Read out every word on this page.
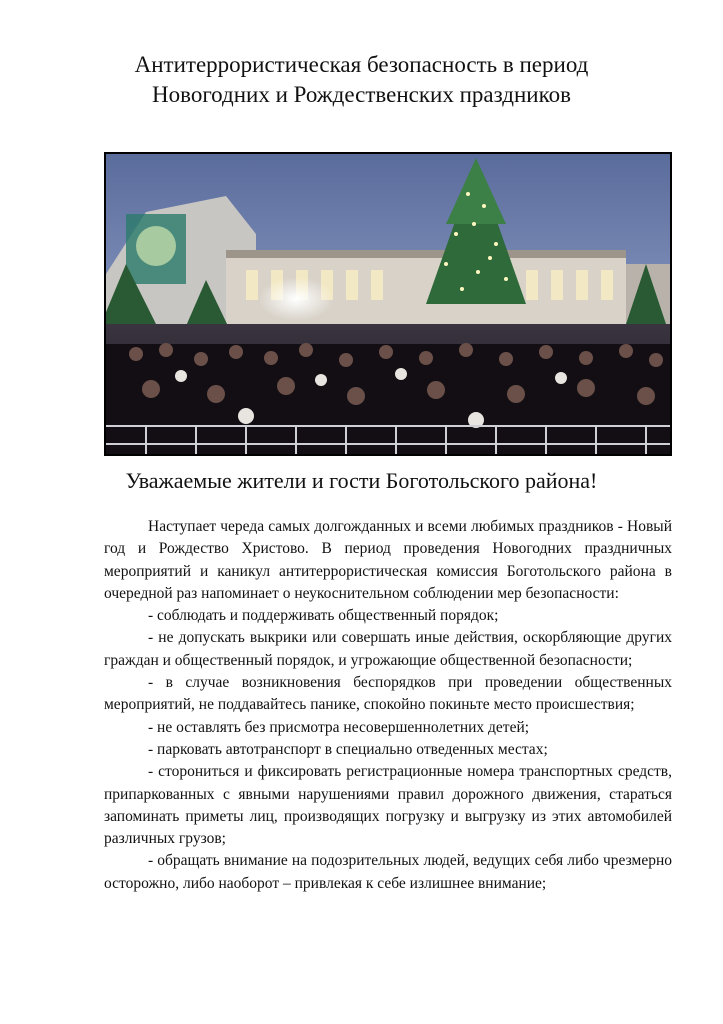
Антитеррористическая безопасность в период
Новогодних и Рождественских праздников
Уважаемые жители и гости Боготольского района!

Наступает череда самых долгожданных и всеми любимых праздников - Новый год и Рождество Христово. В период проведения Новогодних праздничных мероприятий и каникул антитеррористическая комиссия Боготольского района в очередной раз напоминает о неукоснительном соблюдении мер безопасности:

- соблюдать и поддерживать общественный порядок;

- не допускать выкрики или совершать иные действия, оскорбляющие других граждан и общественный порядок, и угрожающие общественной безопасности;

- в случае возникновения беспорядков при проведении общественных мероприятий, не поддавайтесь панике, спокойно покиньте место происшествия;

- не оставлять без присмотра несовершеннолетних детей;

- парковать автотранспорт в специально отведенных местах;

- сторониться и фиксировать регистрационные номера транспортных средств, припаркованных с явными нарушениями правил дорожного движения, стараться запоминать приметы лиц, производящих погрузку и выгрузку из этих автомобилей различных грузов;

- обращать внимание на подозрительных людей, ведущих себя либо чрезмерно осторожно, либо наоборот – привлекая к себе излишнее внимание;
